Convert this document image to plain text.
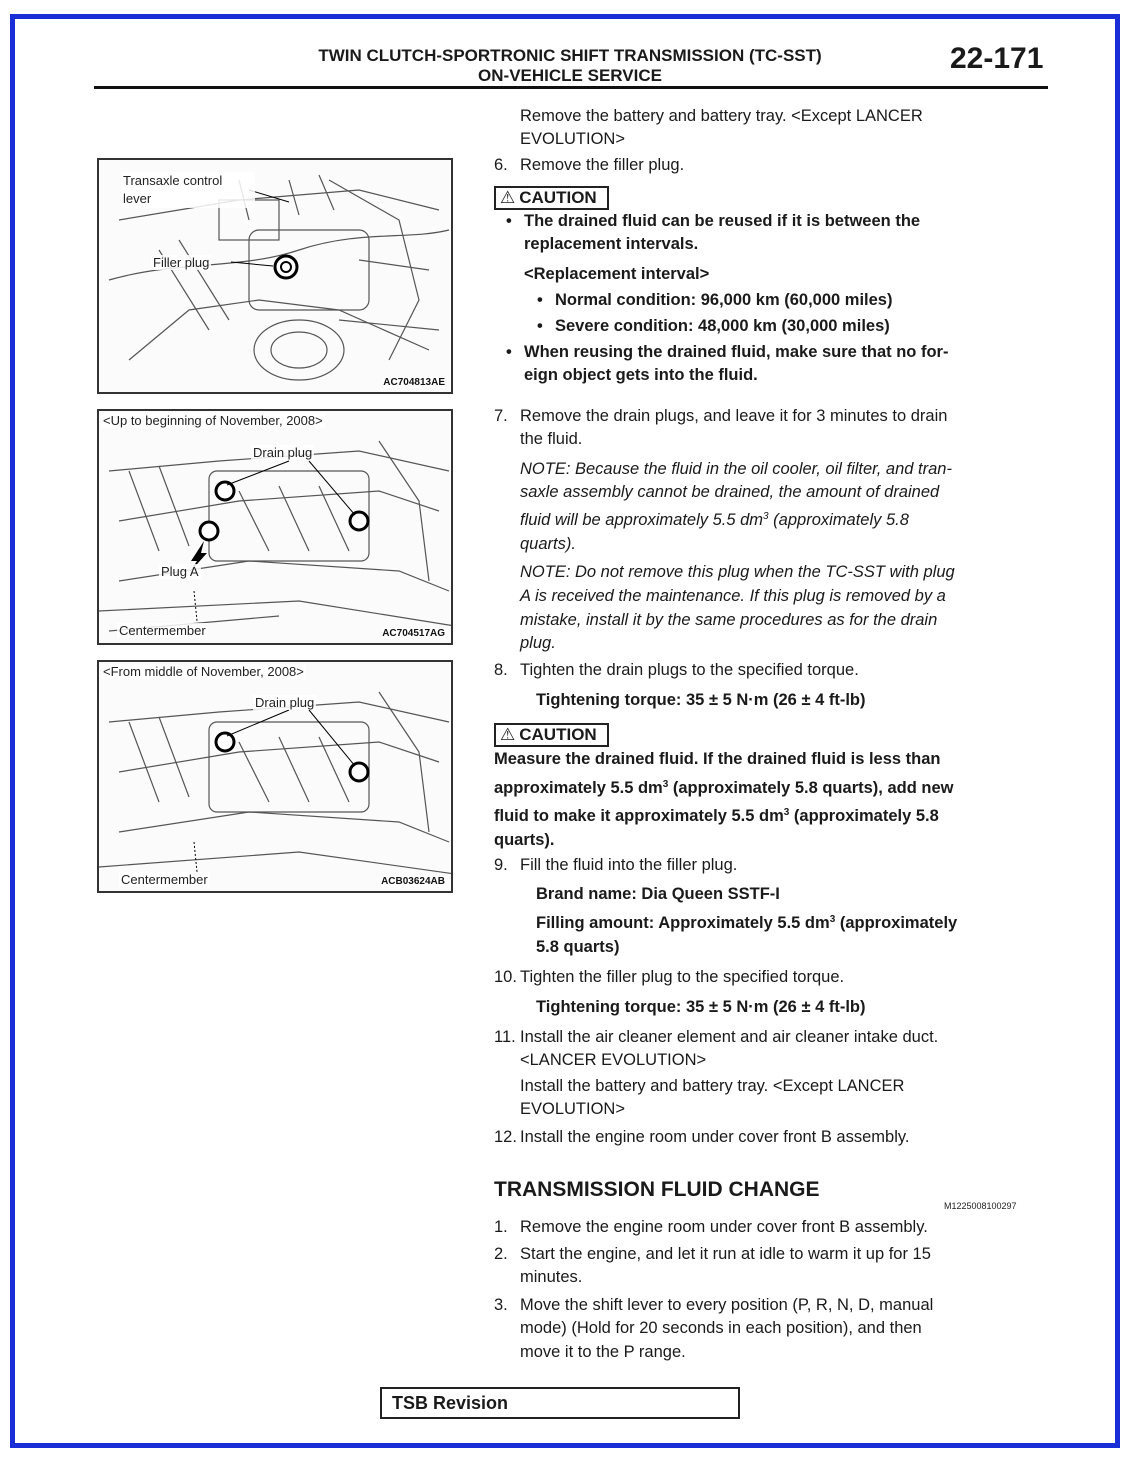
TWIN CLUTCH-SPORTRONIC SHIFT TRANSMISSION (TC-SST)
ON-VEHICLE SERVICE
22-171
Transaxle control lever
Filler plug
AC704813AE
<Up to beginning of November, 2008>
Drain plug
Plug A
Centermember	AC704517AG
<From middle of November, 2008>
Drain plug
Centermember	ACB03624AB
Remove the battery and battery tray. <Except LANCER
EVOLUTION>
6. Remove the filler plug.
⚠ CAUTION
• The drained fluid can be reused if it is between the
replacement intervals.
<Replacement interval>
• Normal condition: 96,000 km (60,000 miles)
• Severe condition: 48,000 km (30,000 miles)
• When reusing the drained fluid, make sure that no for-
eign object gets into the fluid.
7. Remove the drain plugs, and leave it for 3 minutes to drain
the fluid.
NOTE: Because the fluid in the oil cooler, oil filter, and tran-
saxle assembly cannot be drained, the amount of drained
fluid will be approximately 5.5 $dm^3$ (approximately 5.8
quarts).
NOTE: Do not remove this plug when the TC-SST with plug
A is received the maintenance. If this plug is removed by a
mistake, install it by the same procedures as for the drain
plug.
8. Tighten the drain plugs to the specified torque.
Tightening torque: 35 ± 5 N·m (26 ± 4 ft-lb)
⚠ CAUTION
Measure the drained fluid. If the drained fluid is less than
approximately 5.5 $dm^3$ (approximately 5.8 quarts), add new
fluid to make it approximately 5.5 $dm^3$ (approximately 5.8
quarts).
9. Fill the fluid into the filler plug.
Brand name: Dia Queen SSTF-I
Filling amount: Approximately 5.5 $dm^3$ (approximately
5.8 quarts)
10. Tighten the filler plug to the specified torque.
Tightening torque: 35 ± 5 N·m (26 ± 4 ft-lb)
11. Install the air cleaner element and air cleaner intake duct.
<LANCER EVOLUTION>
Install the battery and battery tray. <Except LANCER
EVOLUTION>
12. Install the engine room under cover front B assembly.
TRANSMISSION FLUID CHANGE
M1225008100297
1. Remove the engine room under cover front B assembly.
2. Start the engine, and let it run at idle to warm it up for 15
minutes.
3. Move the shift lever to every position (P, R, N, D, manual
mode) (Hold for 20 seconds in each position), and then
move it to the P range.
TSB Revision
